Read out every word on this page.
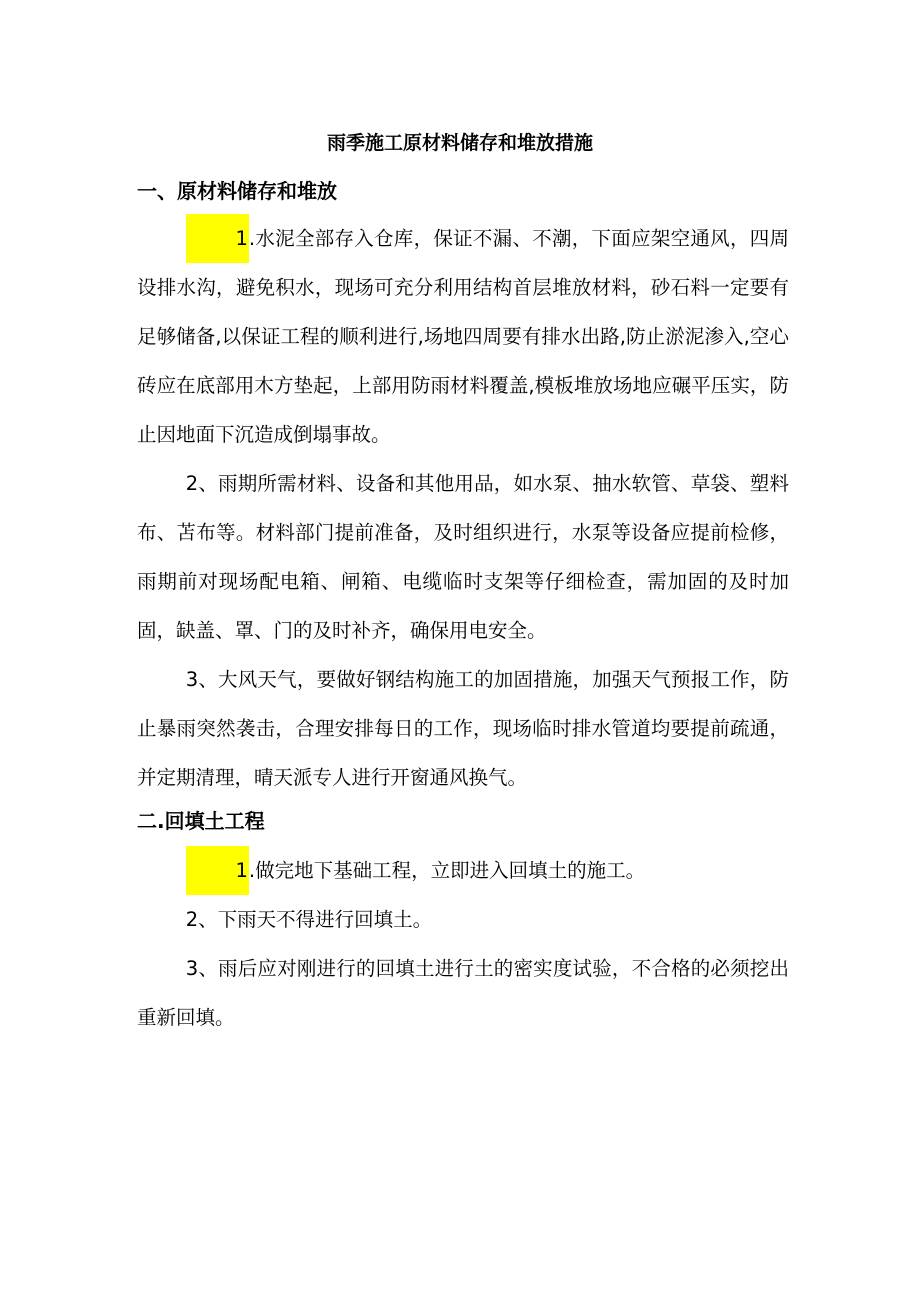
雨季施工原材料储存和堆放措施
一、原材料储存和堆放

1.水泥全部存入仓库，保证不漏、不潮，下面应架空通风，四周设排水沟，避免积水，现场可充分利用结构首层堆放材料，砂石料一定要有足够储备,以保证工程的顺利进行,场地四周要有排水出路,防止淤泥渗入,空心砖应在底部用木方垫起，上部用防雨材料覆盖,模板堆放场地应碾平压实，防止因地面下沉造成倒塌事故。

2、雨期所需材料、设备和其他用品，如水泵、抽水软管、草袋、塑料布、苫布等。材料部门提前准备，及时组织进行，水泵等设备应提前检修，雨期前对现场配电箱、闸箱、电缆临时支架等仔细检查，需加固的及时加固，缺盖、罩、门的及时补齐，确保用电安全。

3、大风天气，要做好钢结构施工的加固措施，加强天气预报工作，防止暴雨突然袭击，合理安排每日的工作，现场临时排水管道均要提前疏通，并定期清理，晴天派专人进行开窗通风换气。

二.回填土工程

1.做完地下基础工程，立即进入回填土的施工。

2、下雨天不得进行回填土。

3、雨后应对刚进行的回填土进行土的密实度试验，不合格的必须挖出重新回填。
